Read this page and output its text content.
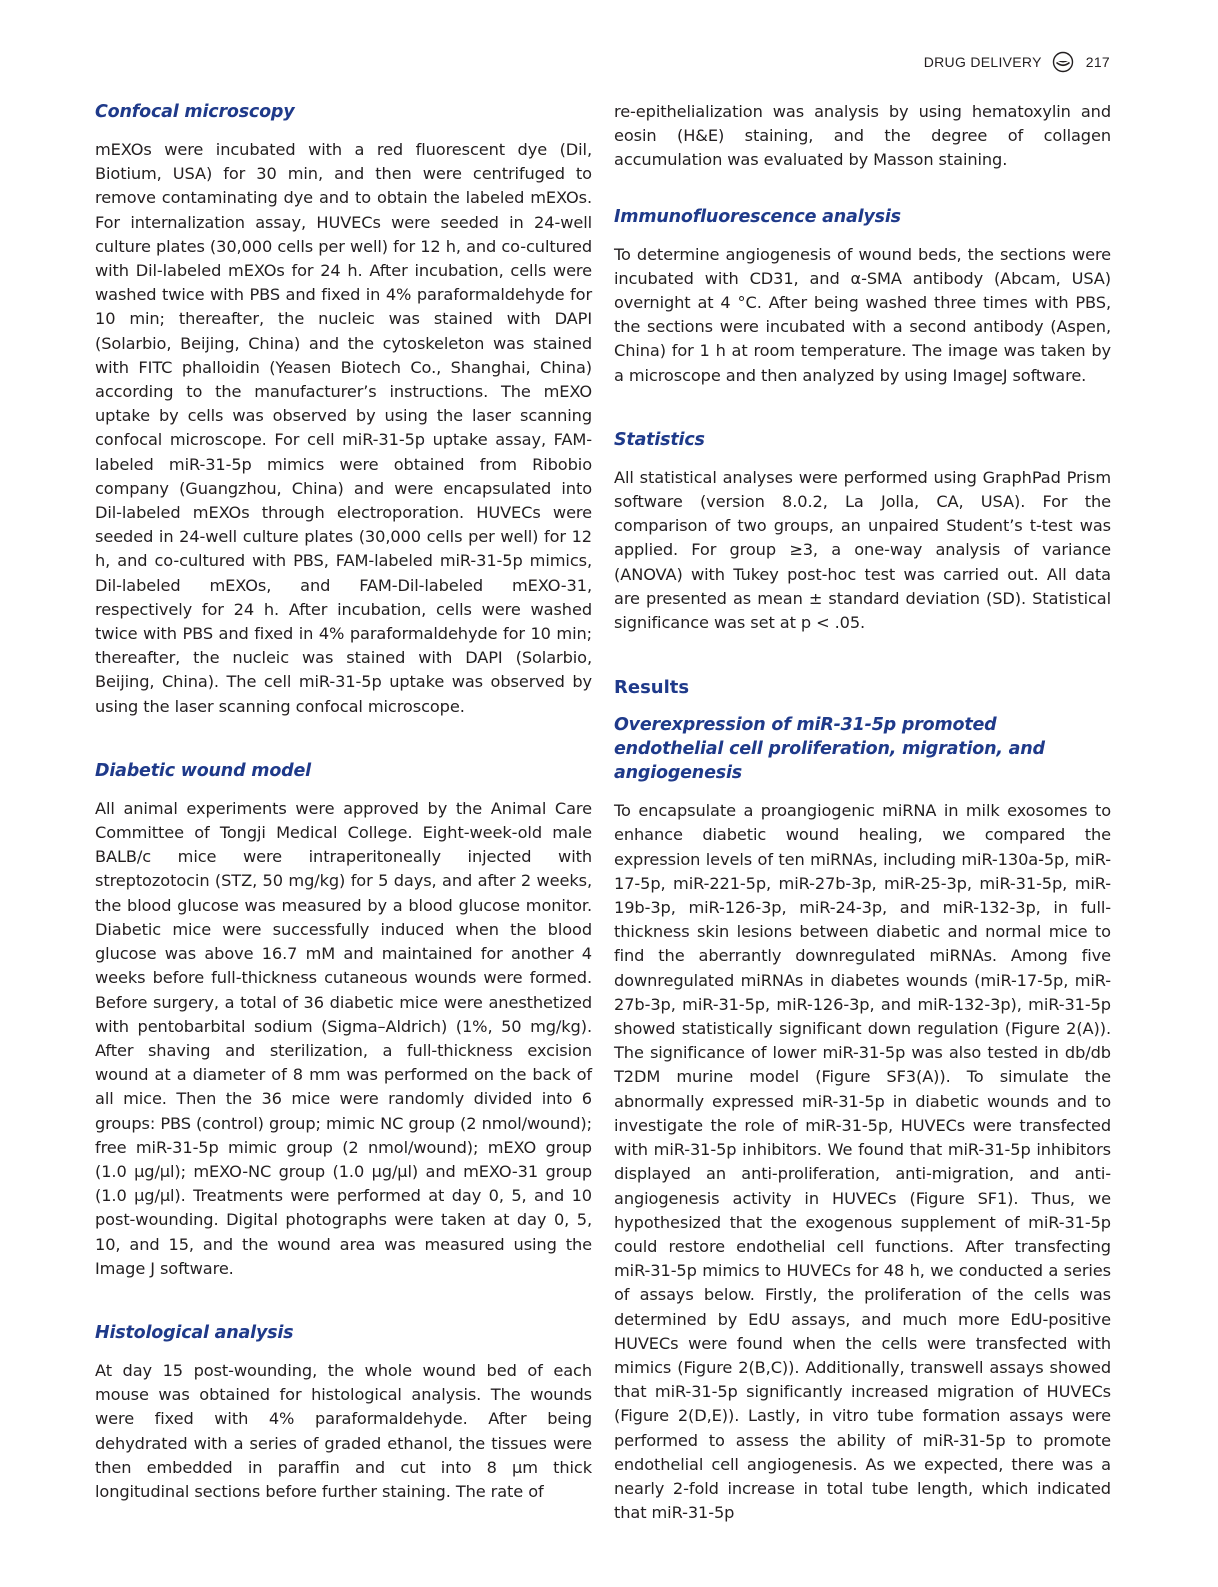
DRUG DELIVERY	217
Confocal microscopy

mEXOs were incubated with a red fluorescent dye (Dil, Biotium, USA) for 30 min, and then were centrifuged to remove contaminating dye and to obtain the labeled mEXOs. For internalization assay, HUVECs were seeded in 24-well culture plates (30,000 cells per well) for 12 h, and co-cultured with Dil-labeled mEXOs for 24 h. After incubation, cells were washed twice with PBS and fixed in 4% paraformaldehyde for 10 min; thereafter, the nucleic was stained with DAPI (Solarbio, Beijing, China) and the cytoskeleton was stained with FITC phalloidin (Yeasen Biotech Co., Shanghai, China) according to the manufacturer’s instructions. The mEXO uptake by cells was observed by using the laser scanning confocal microscope. For cell miR-31-5p uptake assay, FAM-labeled miR-31-5p mimics were obtained from Ribobio company (Guangzhou, China) and were encapsulated into Dil-labeled mEXOs through electroporation. HUVECs were seeded in 24-well culture plates (30,000 cells per well) for 12 h, and co-cultured with PBS, FAM-labeled miR-31-5p mimics, Dil-labeled mEXOs, and FAM-Dil-labeled mEXO-31, respectively for 24 h. After incubation, cells were washed twice with PBS and fixed in 4% paraformaldehyde for 10 min; thereafter, the nucleic was stained with DAPI (Solarbio, Beijing, China). The cell miR-31-5p uptake was observed by using the laser scanning confocal microscope.

Diabetic wound model

All animal experiments were approved by the Animal Care Committee of Tongji Medical College. Eight-week-old male BALB/c mice were intraperitoneally injected with streptozotocin (STZ, 50 mg/kg) for 5 days, and after 2 weeks, the blood glucose was measured by a blood glucose monitor. Diabetic mice were successfully induced when the blood glucose was above 16.7 mM and maintained for another 4 weeks before full-thickness cutaneous wounds were formed. Before surgery, a total of 36 diabetic mice were anesthetized with pentobarbital sodium (Sigma–Aldrich) (1%, 50 mg/kg). After shaving and sterilization, a full-thickness excision wound at a diameter of 8 mm was performed on the back of all mice. Then the 36 mice were randomly divided into 6 groups: PBS (control) group; mimic NC group (2 nmol/wound); free miR-31-5p mimic group (2 nmol/wound); mEXO group (1.0 μg/μl); mEXO-NC group (1.0 μg/μl) and mEXO-31 group (1.0 μg/μl). Treatments were performed at day 0, 5, and 10 post-wounding. Digital photographs were taken at day 0, 5, 10, and 15, and the wound area was measured using the Image J software.

Histological analysis

At day 15 post-wounding, the whole wound bed of each mouse was obtained for histological analysis. The wounds were fixed with 4% paraformaldehyde. After being dehydrated with a series of graded ethanol, the tissues were then embedded in paraffin and cut into 8 μm thick longitudinal sections before further staining. The rate of

re-epithelialization was analysis by using hematoxylin and eosin (H&E) staining, and the degree of collagen accumulation was evaluated by Masson staining.

Immunofluorescence analysis

To determine angiogenesis of wound beds, the sections were incubated with CD31, and α-SMA antibody (Abcam, USA) overnight at 4 °C. After being washed three times with PBS, the sections were incubated with a second antibody (Aspen, China) for 1 h at room temperature. The image was taken by a microscope and then analyzed by using ImageJ software.

Statistics

All statistical analyses were performed using GraphPad Prism software (version 8.0.2, La Jolla, CA, USA). For the comparison of two groups, an unpaired Student’s t-test was applied. For group ≥3, a one-way analysis of variance (ANOVA) with Tukey post-hoc test was carried out. All data are presented as mean ± standard deviation (SD). Statistical significance was set at p < .05.

Results
Overexpression of miR-31-5p promoted endothelial cell proliferation, migration, and angiogenesis

To encapsulate a proangiogenic miRNA in milk exosomes to enhance diabetic wound healing, we compared the expression levels of ten miRNAs, including miR-130a-5p, miR-17-5p, miR-221-5p, miR-27b-3p, miR-25-3p, miR-31-5p, miR-19b-3p, miR-126-3p, miR-24-3p, and miR-132-3p, in full-thickness skin lesions between diabetic and normal mice to find the aberrantly downregulated miRNAs. Among five downregulated miRNAs in diabetes wounds (miR-17-5p, miR-27b-3p, miR-31-5p, miR-126-3p, and miR-132-3p), miR-31-5p showed statistically significant down regulation (Figure 2(A)). The significance of lower miR-31-5p was also tested in db/db T2DM murine model (Figure SF3(A)). To simulate the abnormally expressed miR-31-5p in diabetic wounds and to investigate the role of miR-31-5p, HUVECs were transfected with miR-31-5p inhibitors. We found that miR-31-5p inhibitors displayed an anti-proliferation, anti-migration, and anti-angiogenesis activity in HUVECs (Figure SF1). Thus, we hypothesized that the exogenous supplement of miR-31-5p could restore endothelial cell functions. After transfecting miR-31-5p mimics to HUVECs for 48 h, we conducted a series of assays below. Firstly, the proliferation of the cells was determined by EdU assays, and much more EdU-positive HUVECs were found when the cells were transfected with mimics (Figure 2(B,C)). Additionally, transwell assays showed that miR-31-5p significantly increased migration of HUVECs (Figure 2(D,E)). Lastly, in vitro tube formation assays were performed to assess the ability of miR-31-5p to promote endothelial cell angiogenesis. As we expected, there was a nearly 2-fold increase in total tube length, which indicated that miR-31-5p
